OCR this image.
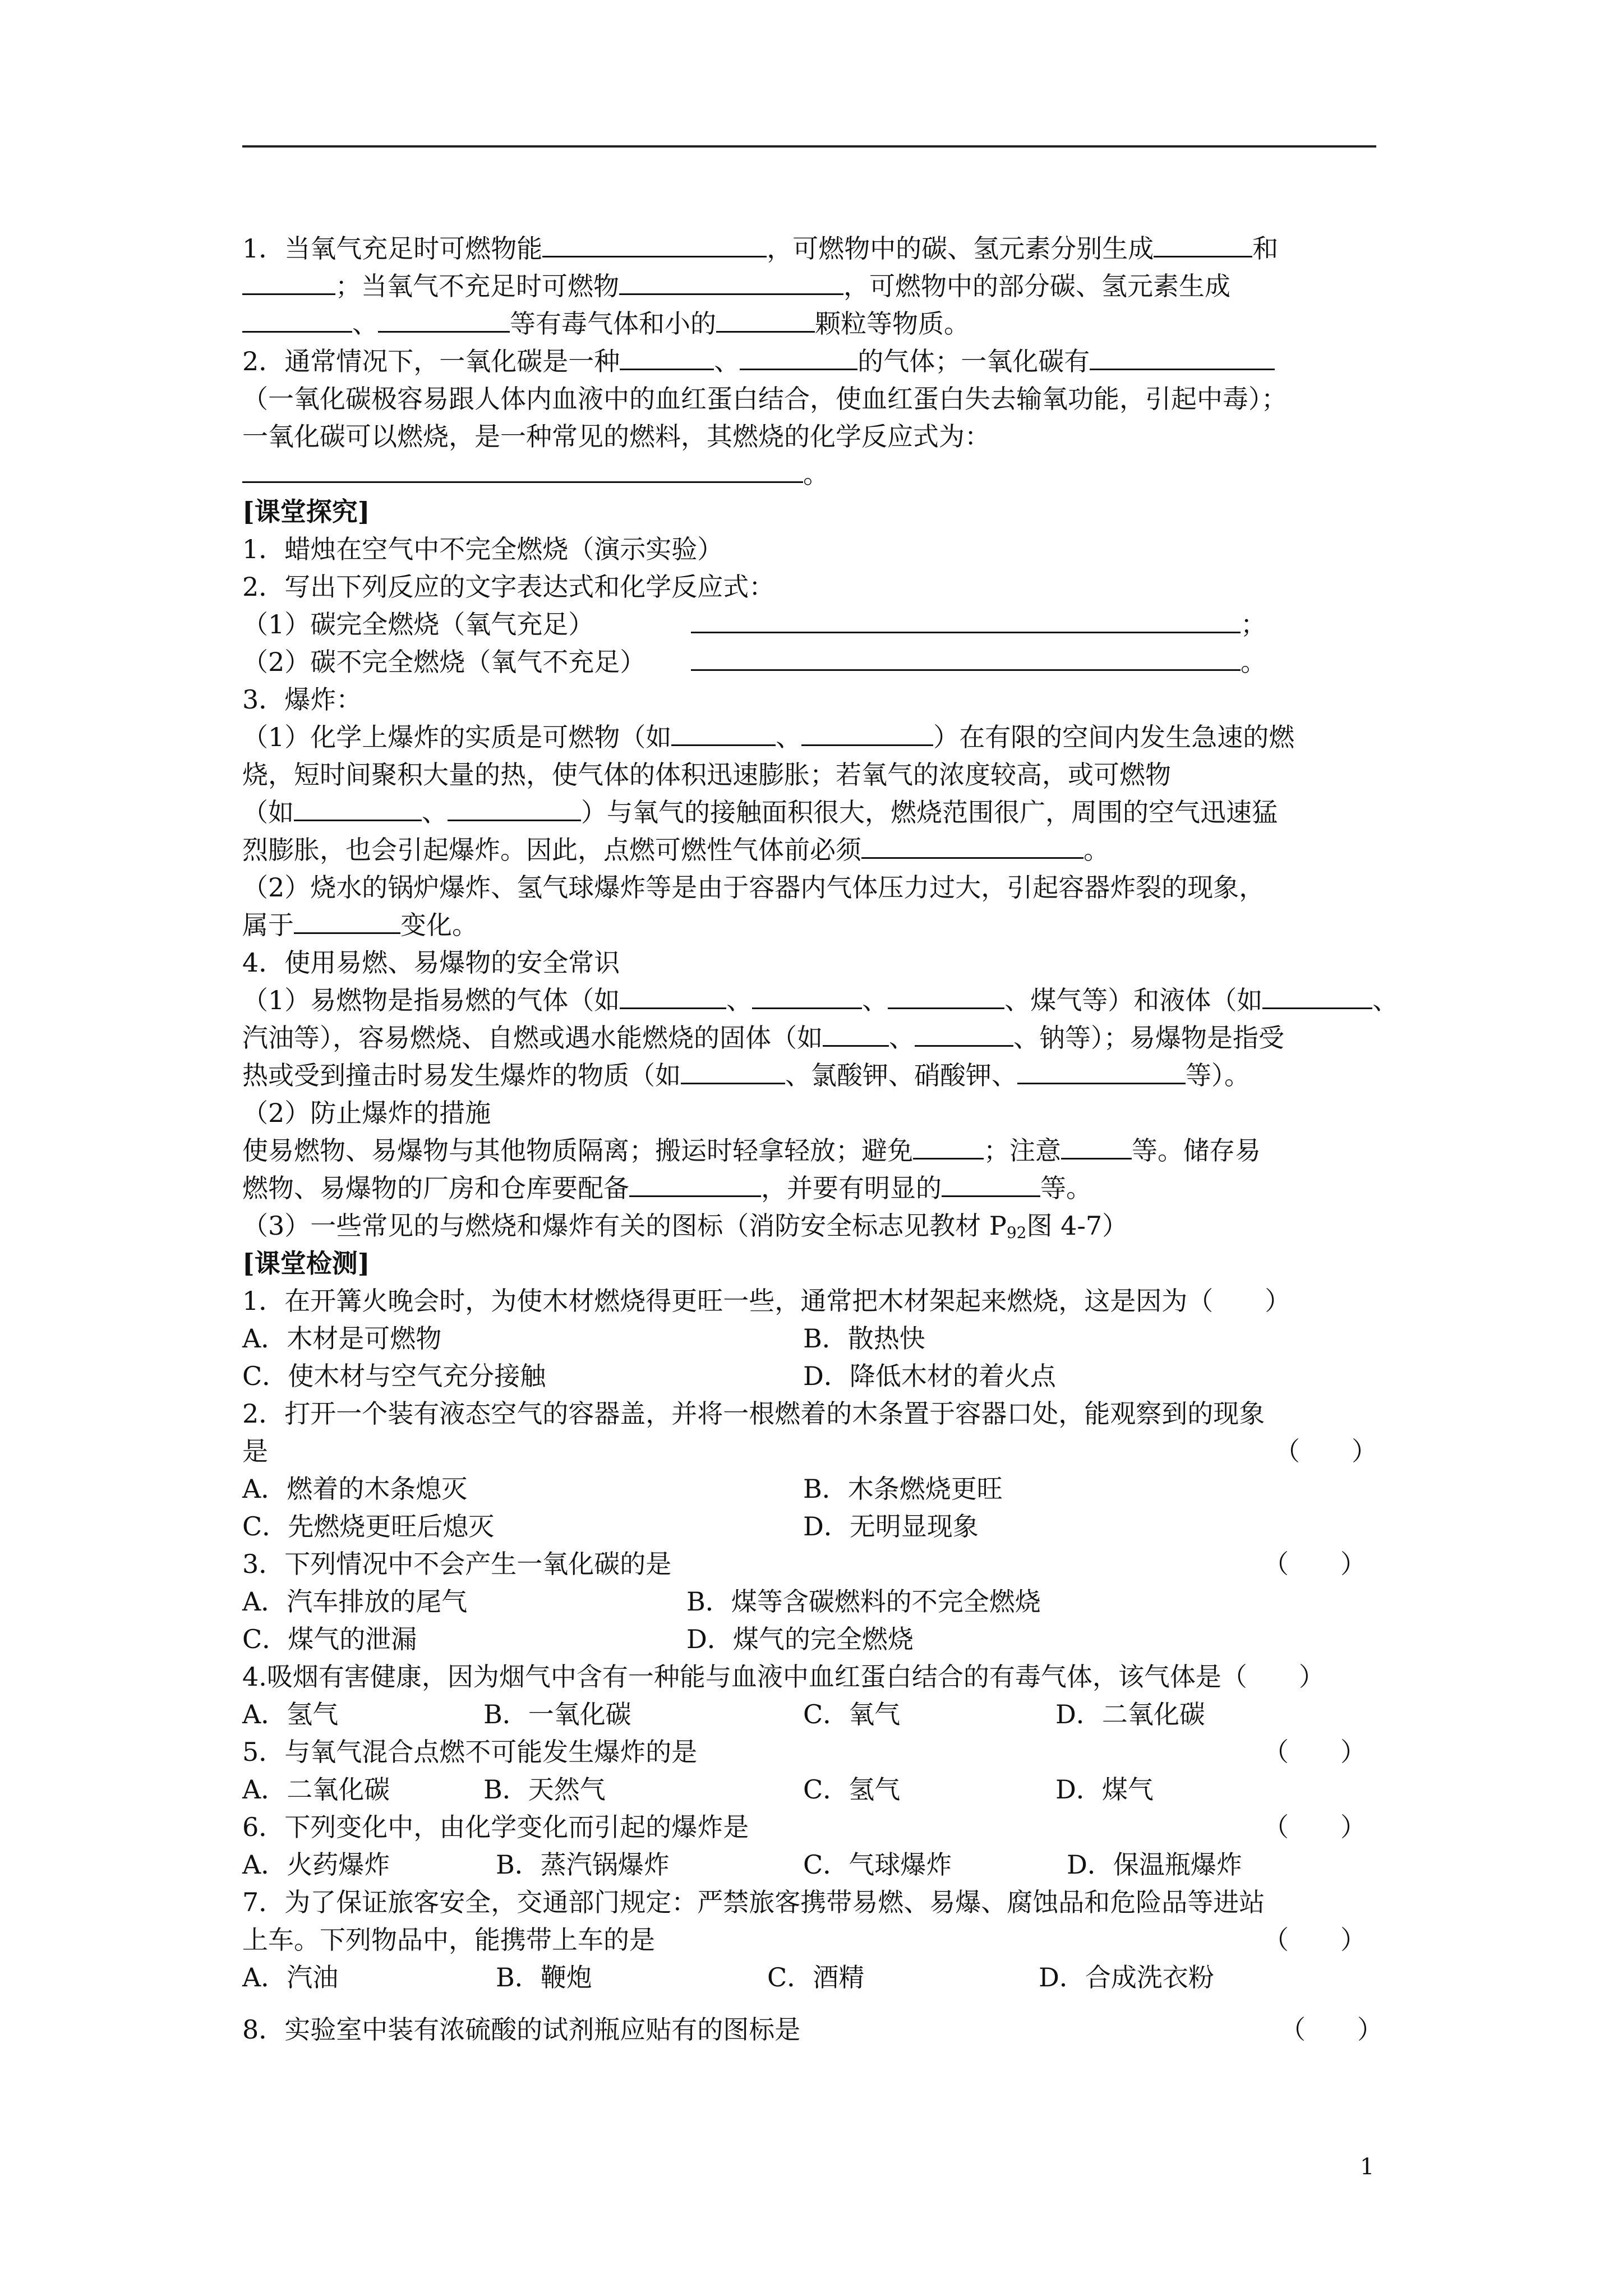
1．当氧气充足时可燃物能	，可燃物中的碳、氢元素分别生成	和
；当氧气不充足时可燃物	，可燃物中的部分碳、氢元素生成
、	等有毒气体和小的	颗粒等物质。
2．通常情况下，一氧化碳是一种	、	的气体；一氧化碳有
（一氧化碳极容易跟人体内血液中的血红蛋白结合，使血红蛋白失去输氧功能，引起中毒）；
一氧化碳可以燃烧，是一种常见的燃料，其燃烧的化学反应式为：
。
[课堂探究]
1．蜡烛在空气中不完全燃烧（演示实验）
2．写出下列反应的文字表达式和化学反应式：
（1）碳完全燃烧（氧气充足）	；
（2）碳不完全燃烧（氧气不充足）	。
3．爆炸：
（1）化学上爆炸的实质是可燃物（如	、	）在有限的空间内发生急速的燃
烧，短时间聚积大量的热，使气体的体积迅速膨胀；若氧气的浓度较高，或可燃物
（如	、	）与氧气的接触面积很大，燃烧范围很广，周围的空气迅速猛
烈膨胀，也会引起爆炸。因此，点燃可燃性气体前必须	。
（2）烧水的锅炉爆炸、氢气球爆炸等是由于容器内气体压力过大，引起容器炸裂的现象，
属于	变化。
4．使用易燃、易爆物的安全常识
（1）易燃物是指易燃的气体（如	、	、	、煤气等）和液体（如	、
汽油等），容易燃烧、自燃或遇水能燃烧的固体（如	、	、钠等）；易爆物是指受
热或受到撞击时易发生爆炸的物质（如	、氯酸钾、硝酸钾、	等）。
（2）防止爆炸的措施
使易燃物、易爆物与其他物质隔离；搬运时轻拿轻放；避免	；注意	等。储存易
燃物、易爆物的厂房和仓库要配备	，并要有明显的	等。
（3）一些常见的与燃烧和爆炸有关的图标（消防安全标志见教材 $P_{92}$图 4-7）
[课堂检测]
1．在开篝火晚会时，为使木材燃烧得更旺一些，通常把木材架起来燃烧，这是因为（　　）
A．木材是可燃物	B．散热快
C．使木材与空气充分接触	D．降低木材的着火点
2．打开一个装有液态空气的容器盖，并将一根燃着的木条置于容器口处，能观察到的现象
是	（　　）
A．燃着的木条熄灭	B．木条燃烧更旺
C．先燃烧更旺后熄灭	D．无明显现象
3．下列情况中不会产生一氧化碳的是	（　　）
A．汽车排放的尾气	B．煤等含碳燃料的不完全燃烧
C．煤气的泄漏	D．煤气的完全燃烧
4.吸烟有害健康，因为烟气中含有一种能与血液中血红蛋白结合的有毒气体，该气体是（　　）
A．氢气	B．一氧化碳	C．氧气	D．二氧化碳
5．与氧气混合点燃不可能发生爆炸的是	（　　）
A．二氧化碳	B．天然气	C．氢气	D．煤气
6．下列变化中，由化学变化而引起的爆炸是	（　　）
A．火药爆炸	B．蒸汽锅爆炸	C．气球爆炸	D．保温瓶爆炸
7．为了保证旅客安全，交通部门规定：严禁旅客携带易燃、易爆、腐蚀品和危险品等进站
上车。下列物品中，能携带上车的是	（　　）
A．汽油	B．鞭炮	C．酒精	D．合成洗衣粉
8．实验室中装有浓硫酸的试剂瓶应贴有的图标是	（　　）
1
